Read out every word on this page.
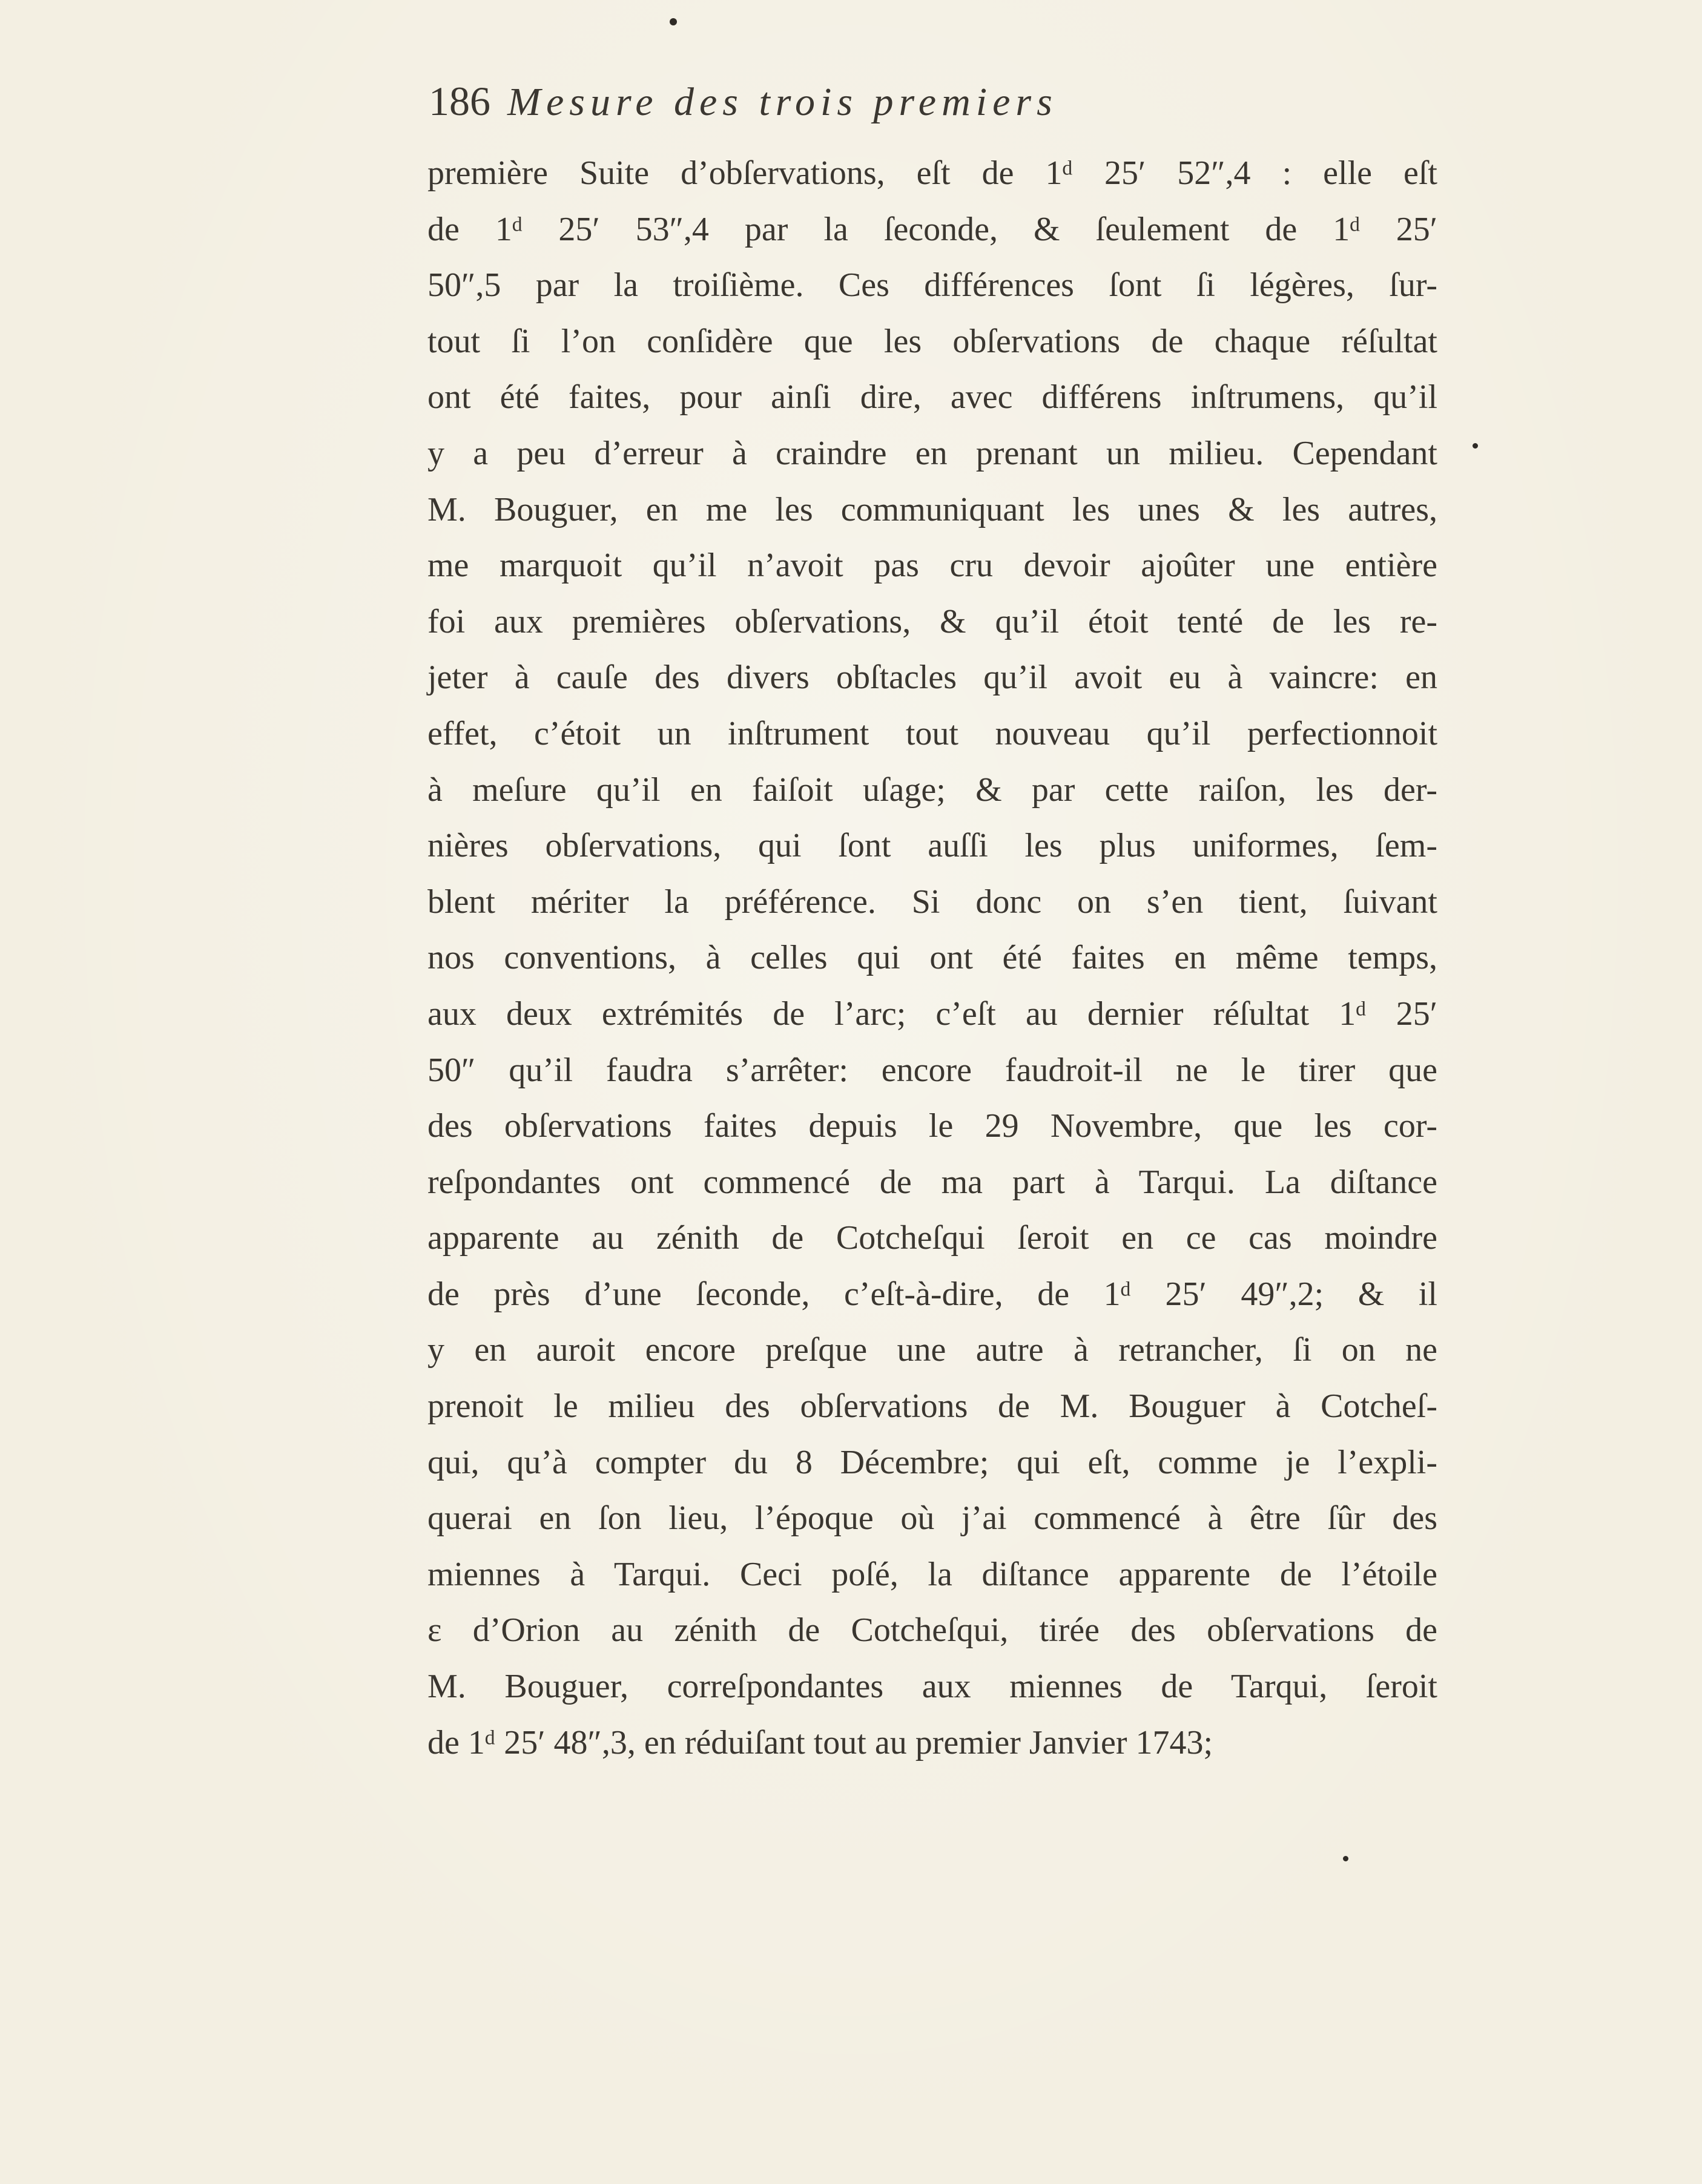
186 Mesure des trois premiers
première Suite d’obſervations, eſt de 1ᵈ 25′ 52″,4 : elle eſt
de 1ᵈ 25′ 53″,4 par la ſeconde, & ſeulement de 1ᵈ 25′
50″,5 par la troiſième. Ces différences ſont ſi légères, ſur-
tout ſi l’on conſidère que les obſervations de chaque réſultat
ont été faites, pour ainſi dire, avec différens inſtrumens, qu’il
y a peu d’erreur à craindre en prenant un milieu. Cependant
M. Bouguer, en me les communiquant les unes & les autres,
me marquoit qu’il n’avoit pas cru devoir ajoûter une entière
foi aux premières obſervations, & qu’il étoit tenté de les re-
jeter à cauſe des divers obſtacles qu’il avoit eu à vaincre: en
effet, c’étoit un inſtrument tout nouveau qu’il perfectionnoit
à meſure qu’il en faiſoit uſage; & par cette raiſon, les der-
nières obſervations, qui ſont auſſi les plus uniformes, ſem-
blent mériter la préférence. Si donc on s’en tient, ſuivant
nos conventions, à celles qui ont été faites en même temps,
aux deux extrémités de l’arc; c’eſt au dernier réſultat 1ᵈ 25′
50″ qu’il faudra s’arrêter: encore faudroit-il ne le tirer que
des obſervations faites depuis le 29 Novembre, que les cor-
reſpondantes ont commencé de ma part à Tarqui. La diſtance
apparente au zénith de Cotcheſqui ſeroit en ce cas moindre
de près d’une ſeconde, c’eſt-à-dire, de 1ᵈ 25′ 49″,2; & il
y en auroit encore preſque une autre à retrancher, ſi on ne
prenoit le milieu des obſervations de M. Bouguer à Cotcheſ-
qui, qu’à compter du 8 Décembre; qui eſt, comme je l’expli-
querai en ſon lieu, l’époque où j’ai commencé à être ſûr des
miennes à Tarqui. Ceci poſé, la diſtance apparente de l’étoile
ε d’Orion au zénith de Cotcheſqui, tirée des obſervations de
M. Bouguer, correſpondantes aux miennes de Tarqui, ſeroit
de 1ᵈ 25′ 48″,3, en réduiſant tout au premier Janvier 1743;
